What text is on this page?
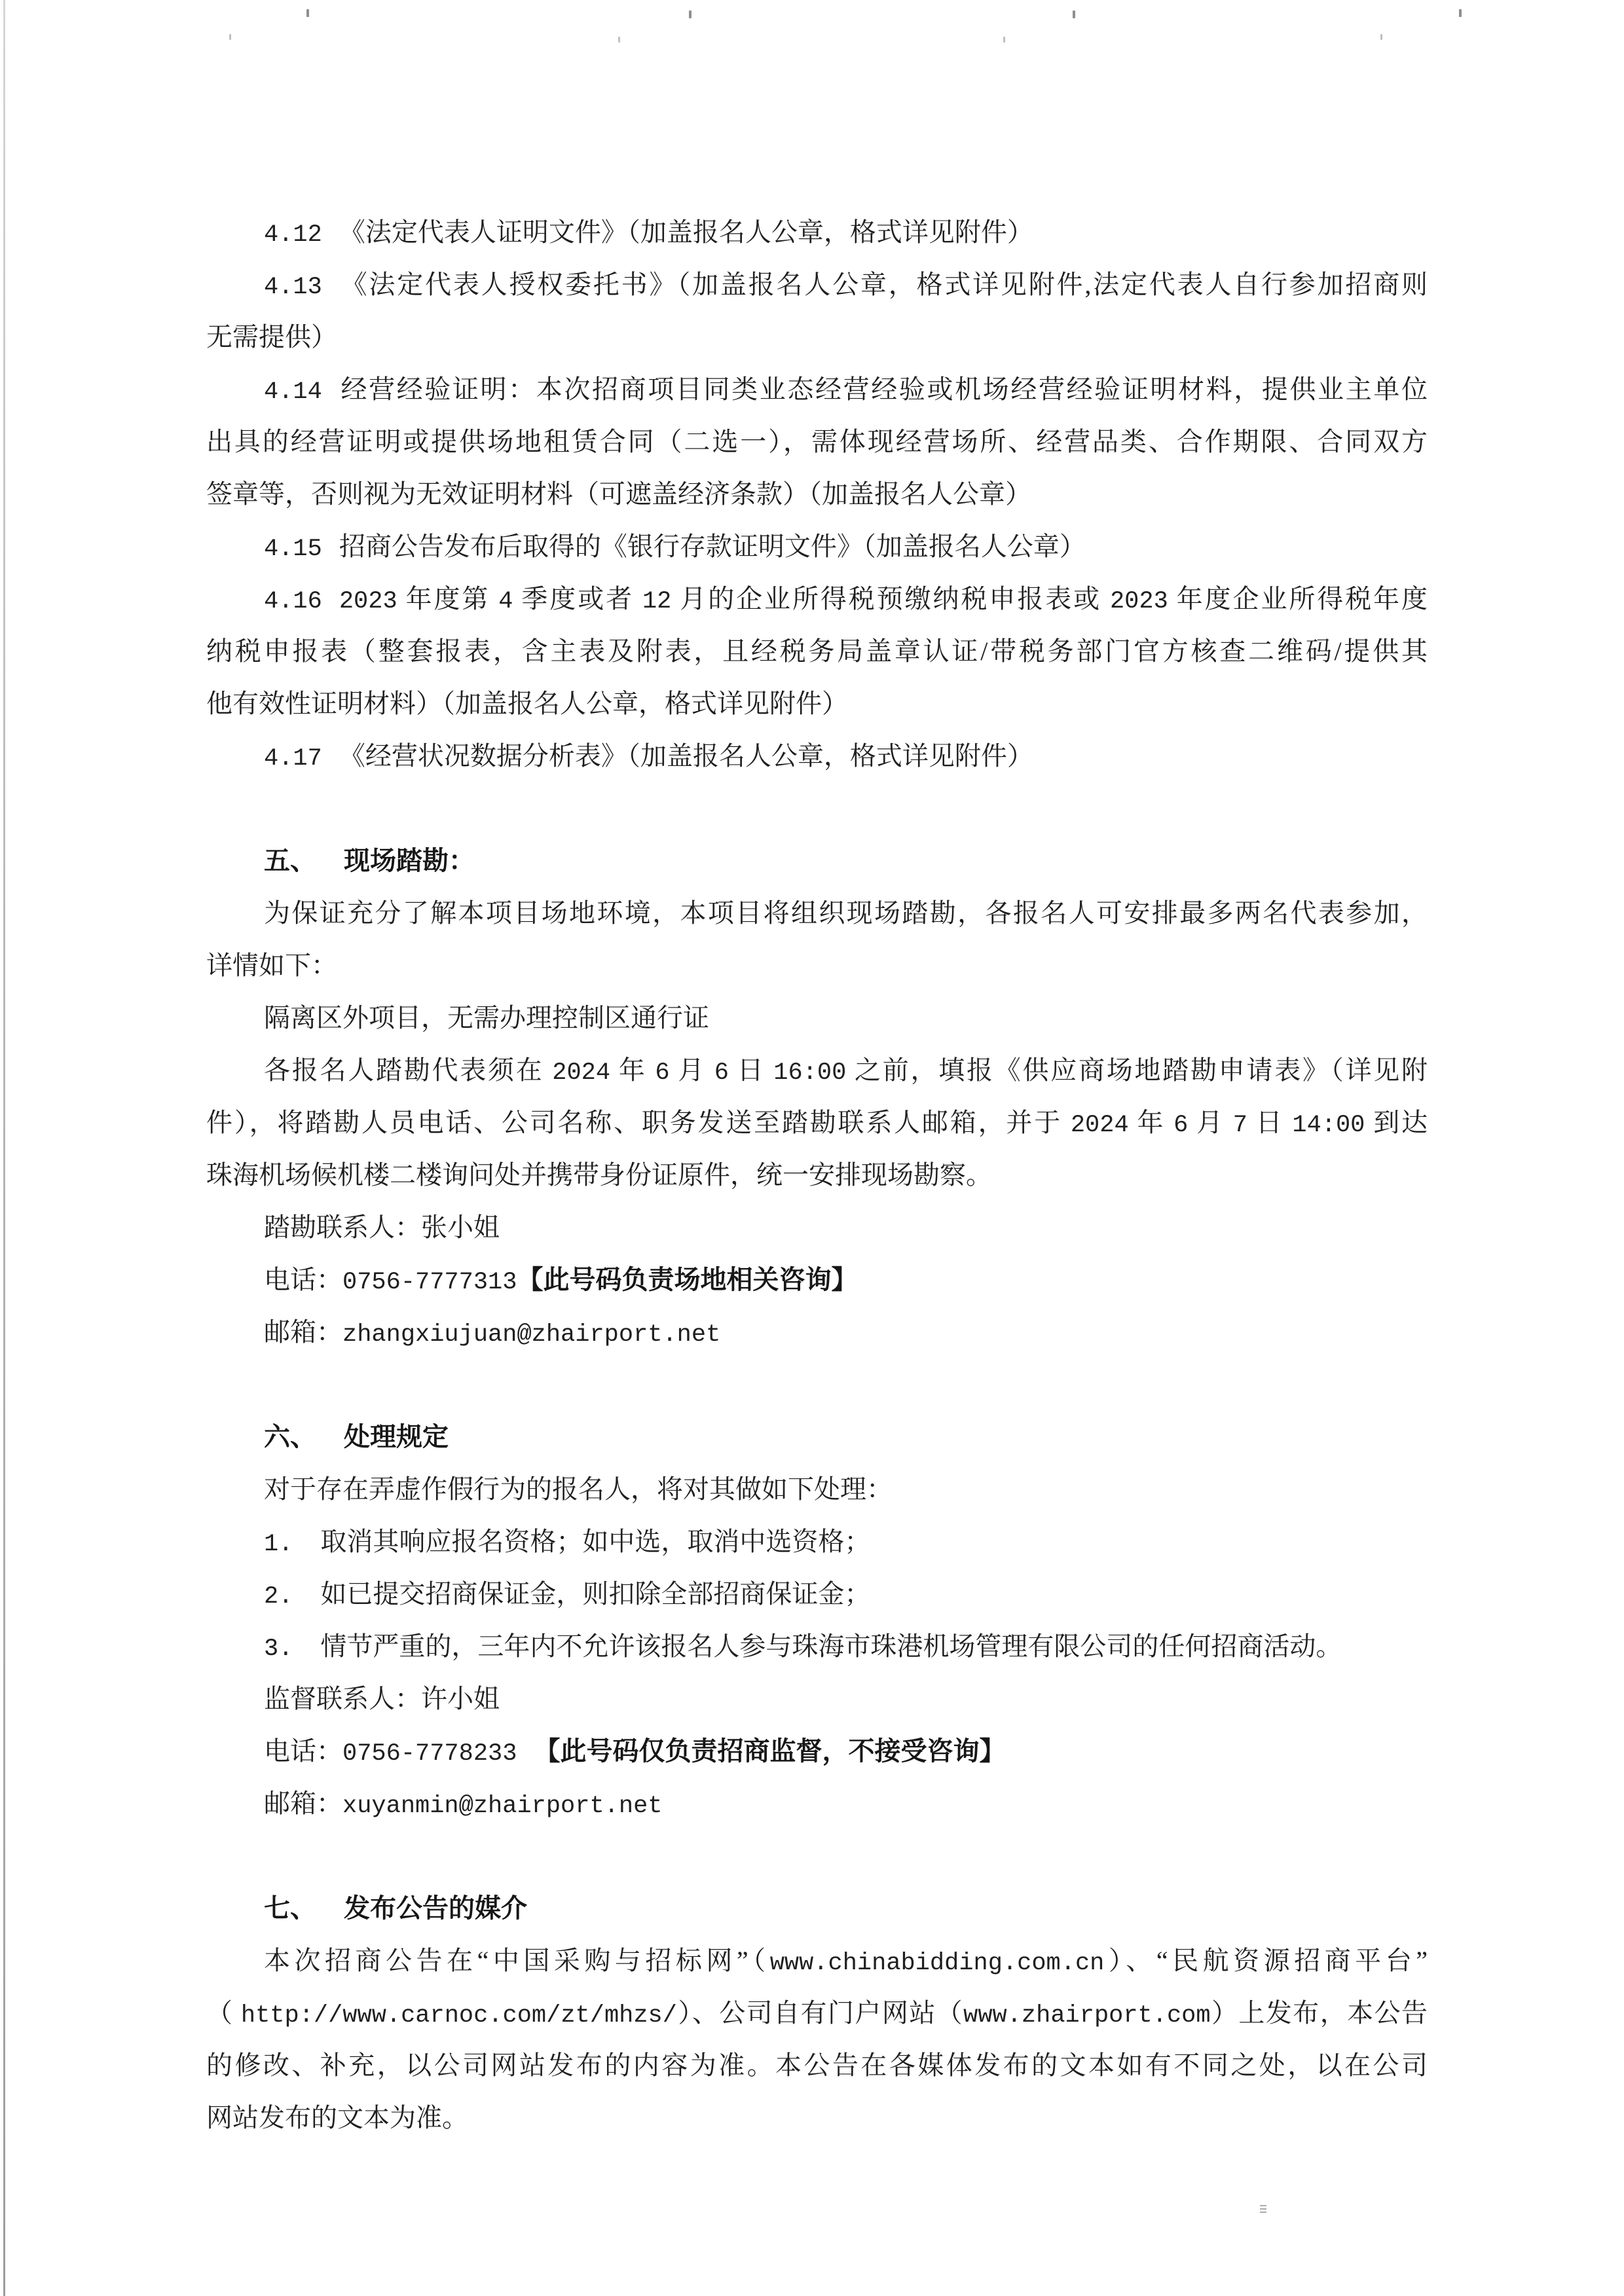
4.12 《法定代表人证明文件》（加盖报名人公章，格式详见附件）

4.13 《法定代表人授权委托书》（加盖报名人公章，格式详见附件,法定代表人自行参加招商则

无需提供）

4.14 经营经验证明：本次招商项目同类业态经营经验或机场经营经验证明材料，提供业主单位

出具的经营证明或提供场地租赁合同（二选一），需体现经营场所、经营品类、合作期限、合同双方

签章等，否则视为无效证明材料（可遮盖经济条款）（加盖报名人公章）

4.15 招商公告发布后取得的《银行存款证明文件》（加盖报名人公章）

4.16 2023 年度第 4 季度或者 12 月的企业所得税预缴纳税申报表或 2023 年度企业所得税年度

纳税申报表（整套报表，含主表及附表，且经税务局盖章认证/带税务部门官方核查二维码/提供其

他有效性证明材料）（加盖报名人公章，格式详见附件）

4.17 《经营状况数据分析表》（加盖报名人公章，格式详见附件）

五、 现场踏勘：

为保证充分了解本项目场地环境，本项目将组织现场踏勘，各报名人可安排最多两名代表参加，

详情如下：

隔离区外项目，无需办理控制区通行证

各报名人踏勘代表须在 2024 年 6 月 6 日 16:00 之前，填报《供应商场地踏勘申请表》（详见附

件），将踏勘人员电话、公司名称、职务发送至踏勘联系人邮箱，并于 2024 年 6 月 7 日 14:00 到达

珠海机场候机楼二楼询问处并携带身份证原件，统一安排现场勘察。

踏勘联系人：张小姐

电话：0756-7777313【此号码负责场地相关咨询】

邮箱：zhangxiujuan@zhairport.net

六、 处理规定

对于存在弄虚作假行为的报名人，将对其做如下处理：

1. 取消其响应报名资格；如中选，取消中选资格；

2. 如已提交招商保证金，则扣除全部招商保证金；

3. 情节严重的，三年内不允许该报名人参与珠海市珠港机场管理有限公司的任何招商活动。

监督联系人：许小姐

电话：0756-7778233 【此号码仅负责招商监督，不接受咨询】

邮箱：xuyanmin@zhairport.net

七、 发布公告的媒介

本次招商公告在“中国采购与招标网”（www.chinabidding.com.cn）、“民航资源招商平台”

（ http://www.carnoc.com/zt/mhzs/）、公司自有门户网站（www.zhairport.com）上发布，本公告

的修改、补充，以公司网站发布的内容为准。本公告在各媒体发布的文本如有不同之处，以在公司

网站发布的文本为准。
